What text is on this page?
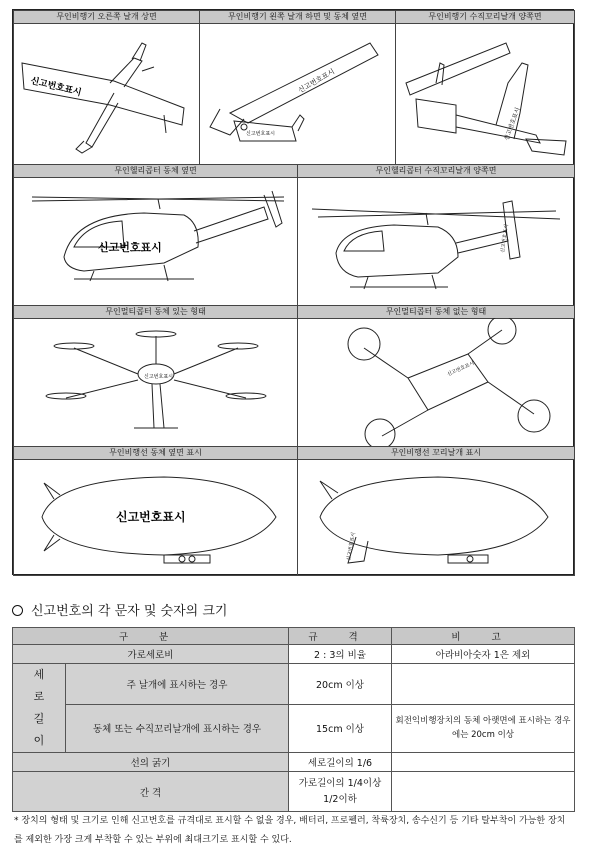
무인비행기 오른쪽 날개 상면
신고번호표시
무인비행기 왼쪽 날개 하면 및 동체 옆면
신고번호표시
신고번호표시
무인비행기 수직꼬리날개 양쪽면
신고번호표시
무인헬리콥터 동체 옆면
신고번호표시
무인헬리콥터 수직꼬리날개 양쪽면
신고번호표시
무인멀티콥터 동체 있는 형태
신고번호표시
무인멀티콥터 동체 없는 형태
신고번호표시
무인비행선 동체 옆면 표시
신고번호표시
무인비행선 꼬리날개 표시
신고번호표시
신고번호의 각 문자 및 숫자의 크기
구 분		규 격	비 고
가로세로비		2 : 3의 비율	아라비아숫자 1은 제외
세
로
길
이	주 날개에 표시하는 경우	20cm 이상	
	동체 또는 수직꼬리날개에 표시하는 경우	15cm 이상	회전익비행장치의 동체 아랫면에 표시하는 경우에는 20cm 이상
선의 굵기		세로길이의 1/6	
간 격		가로길이의 1/4이상
1/2이하	
* 장치의 형태 및 크기로 인해 신고번호를 규격대로 표시할 수 없을 경우, 배터리, 프로펠러, 착륙장치, 송수신기 등 기타 탈부착이 가능한 장치를 제외한 가장 크게 부착할 수 있는 부위에 최대크기로 표시할 수 있다.
